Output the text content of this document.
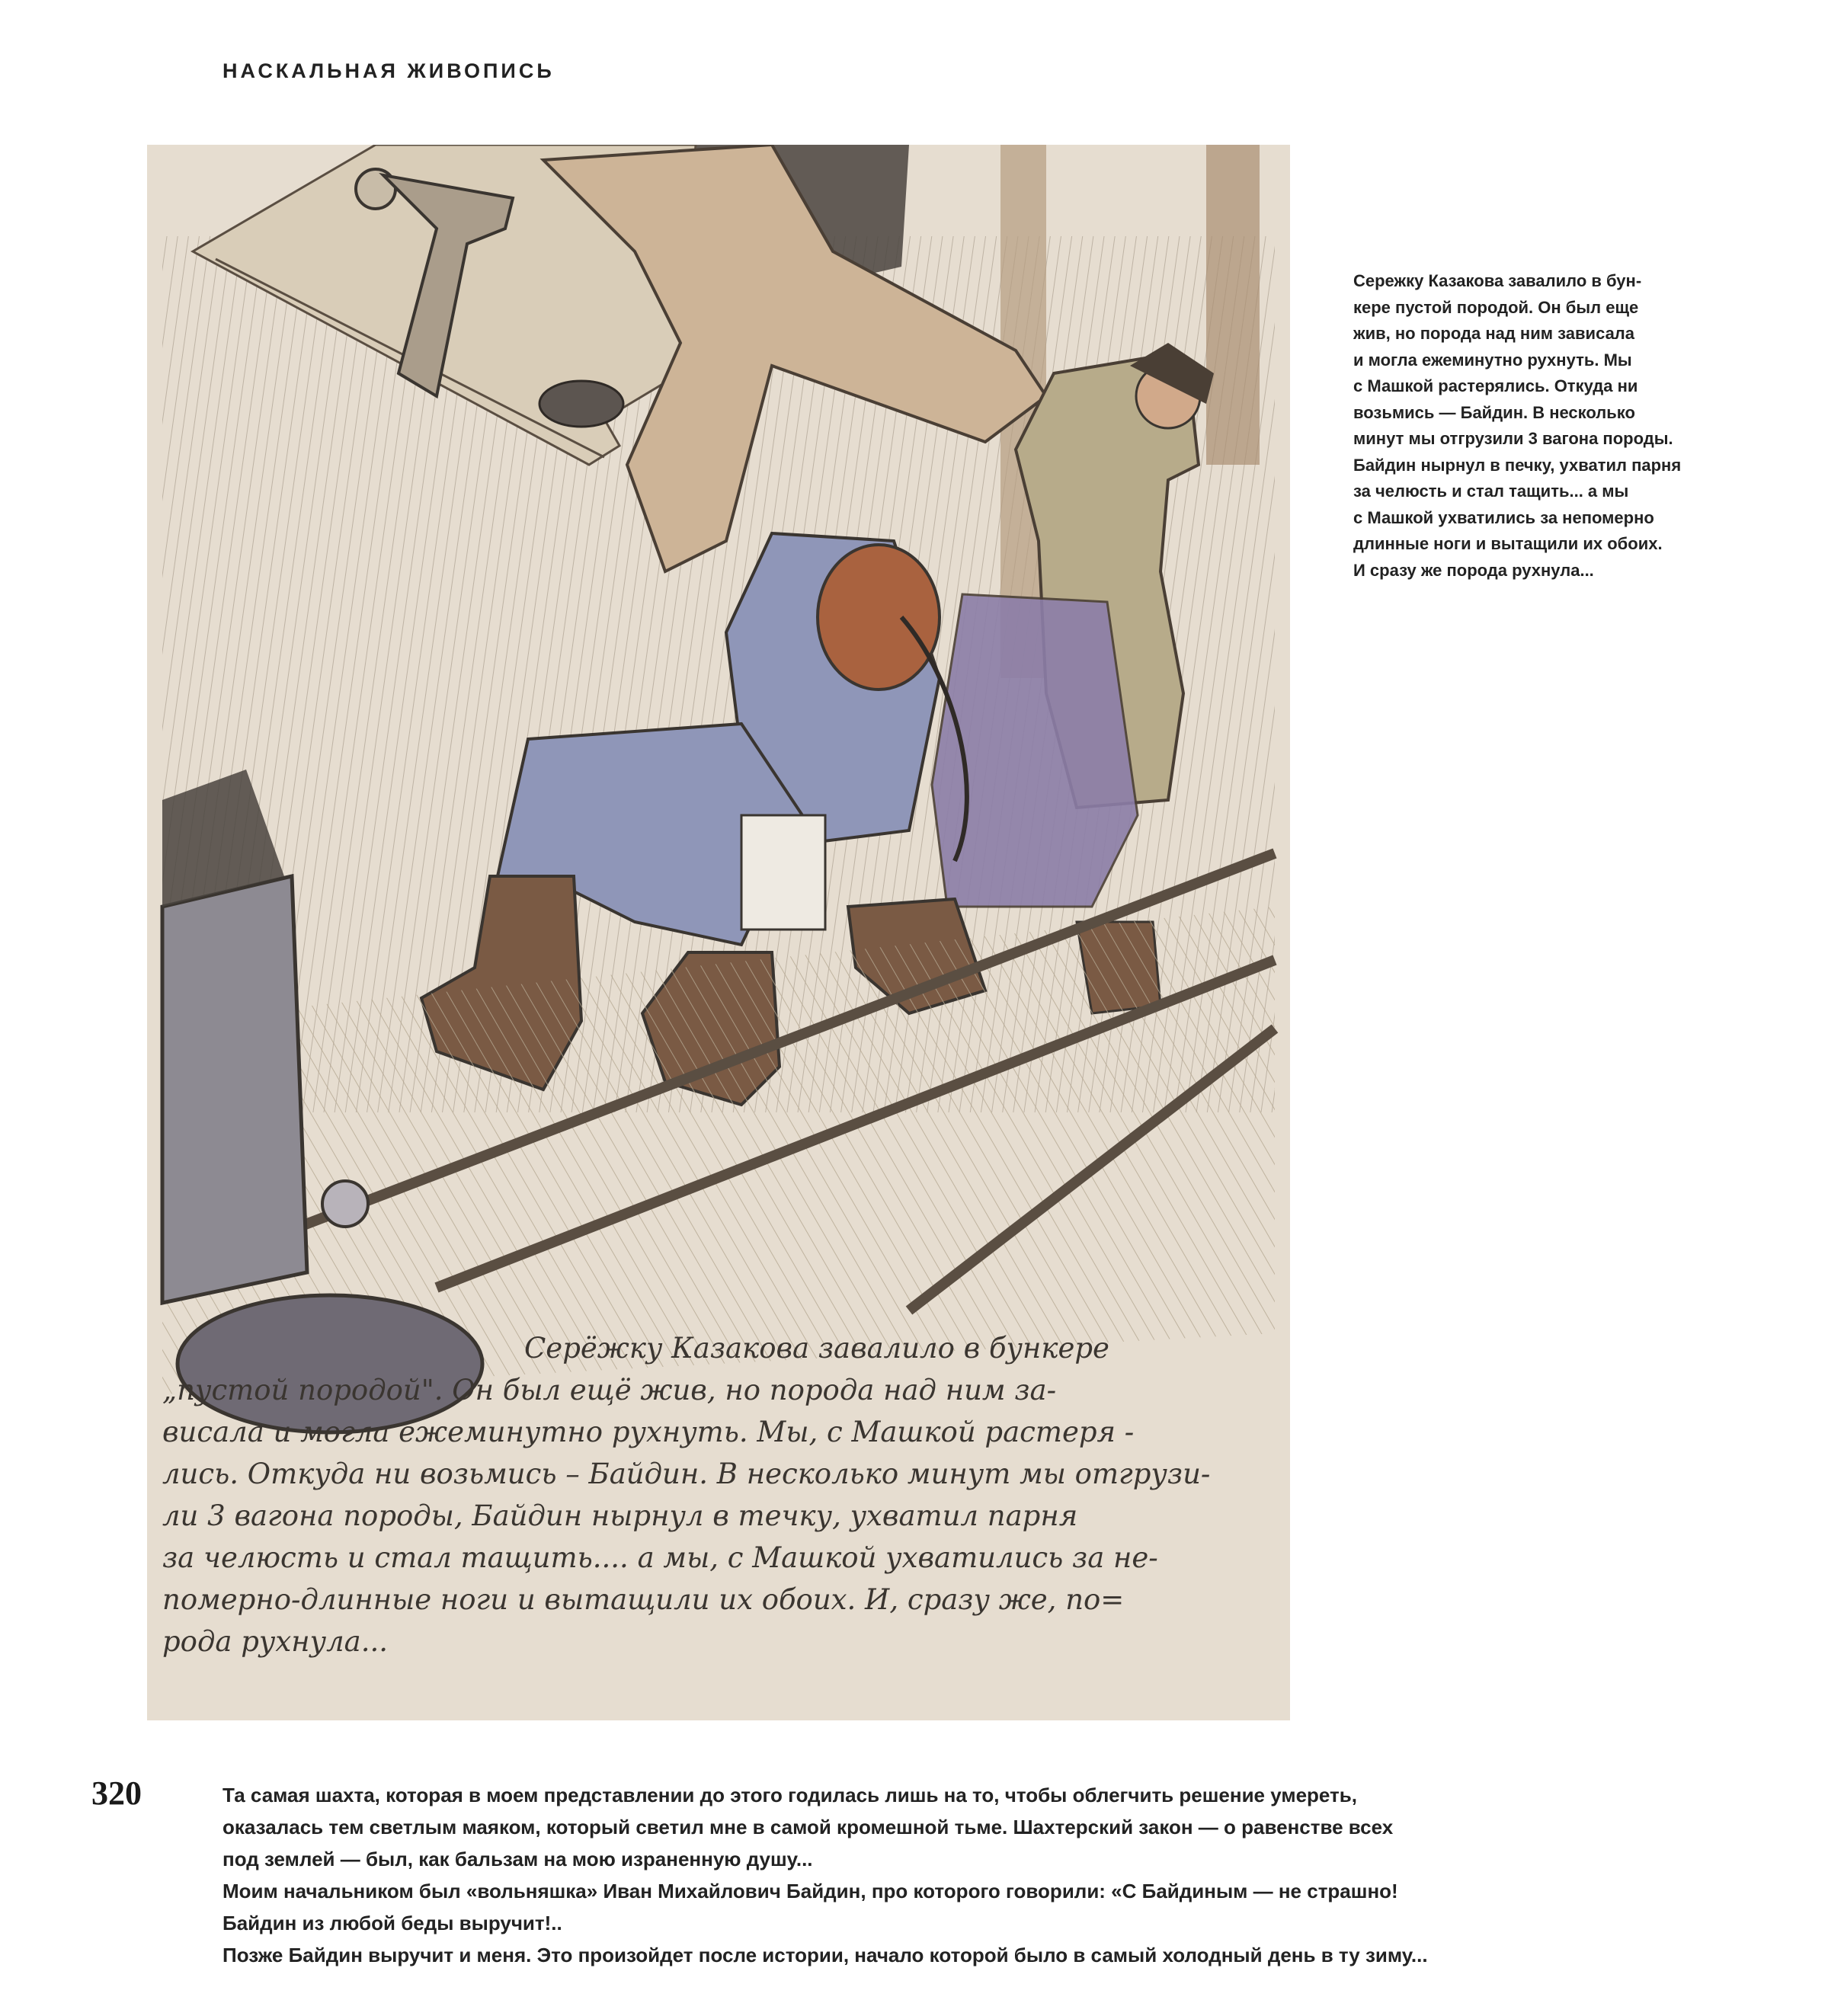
НАСКАЛЬНАЯ ЖИВОПИСЬ
Серёжку Казакова завалило в бункере
„пустой породой". Он был ещё жив, но порода над ним за-
висала и могла ежеминутно рухнуть. Мы, с Машкой растеря -
лись. Откуда ни возьмись – Байдин. В несколько минут мы отгрузи-
ли 3 вагона породы, Байдин нырнул в течку, ухватил парня
за челюсть и стал тащить.... а мы, с Машкой ухватились за не-
померно-длинные ноги и вытащили их обоих. И, сразу же, по=
рода рухнула...
Сережку Казакова завалило в бун-
кере пустой породой. Он был еще
жив, но порода над ним зависала
и могла ежеминутно рухнуть. Мы
с Машкой растерялись. Откуда ни
возьмись — Байдин. В несколько
минут мы отгрузили 3 вагона породы.
Байдин нырнул в печку, ухватил парня
за челюсть и стал тащить... а мы
с Машкой ухватились за непомерно
длинные ноги и вытащили их обоих.
И сразу же порода рухнула...
320	Та самая шахта, которая в моем представлении до этого годилась лишь на то, чтобы облегчить решение умереть,
оказалась тем светлым маяком, который светил мне в самой кромешной тьме. Шахтерский закон — о равенстве всех
под землей — был, как бальзам на мою израненную душу...
Моим начальником был «вольняшка» Иван Михайлович Байдин, про которого говорили: «С Байдиным — не страшно!
Байдин из любой беды выручит!..
Позже Байдин выручит и меня. Это произойдет после истории, начало которой было в самый холодный день в ту зиму...
